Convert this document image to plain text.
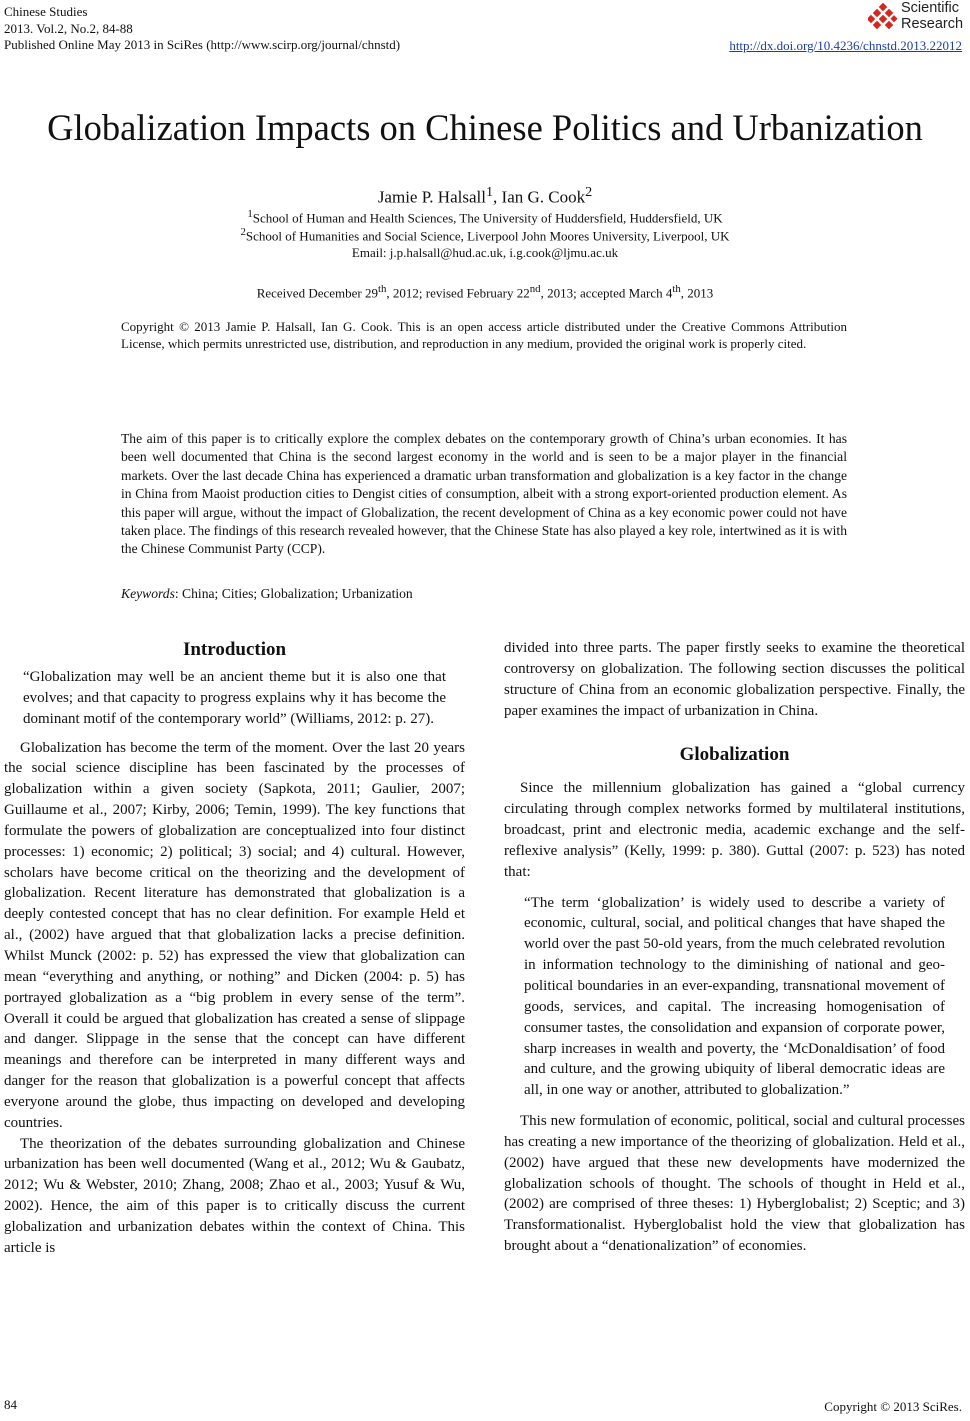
Chinese Studies
2013. Vol.2, No.2, 84-88
Published Online May 2013 in SciRes (http://www.scirp.org/journal/chnstd)
Scientific
Research
http://dx.doi.org/10.4236/chnstd.2013.22012
Globalization Impacts on Chinese Politics and Urbanization
Jamie P. Halsall$^1$, Ian G. Cook$^2$
$^1$School of Human and Health Sciences, The University of Huddersfield, Huddersfield, UK
$^2$School of Humanities and Social Science, Liverpool John Moores University, Liverpool, UK
Email: j.p.halsall@hud.ac.uk, i.g.cook@ljmu.ac.uk
Received December 29th, 2012; revised February 22nd, 2013; accepted March 4th, 2013
Copyright © 2013 Jamie P. Halsall, Ian G. Cook. This is an open access article distributed under the Creative Commons Attribution License, which permits unrestricted use, distribution, and reproduction in any medium, provided the original work is properly cited.
The aim of this paper is to critically explore the complex debates on the contemporary growth of China’s urban economies. It has been well documented that China is the second largest economy in the world and is seen to be a major player in the financial markets. Over the last decade China has experienced a dramatic urban transformation and globalization is a key factor in the change in China from Maoist production cities to Dengist cities of consumption, albeit with a strong export-oriented production element. As this paper will argue, without the impact of Globalization, the recent development of China as a key economic power could not have taken place. The findings of this research revealed however, that the Chinese State has also played a key role, intertwined as it is with the Chinese Communist Party (CCP).
Keywords: China; Cities; Globalization; Urbanization
Introduction
“Globalization may well be an ancient theme but it is also one that evolves; and that capacity to progress explains why it has become the dominant motif of the contemporary world” (Williams, 2012: p. 27).

Globalization has become the term of the moment. Over the last 20 years the social science discipline has been fascinated by the processes of globalization within a given society (Sapkota, 2011; Gaulier, 2007; Guillaume et al., 2007; Kirby, 2006; Temin, 1999). The key functions that formulate the powers of globalization are conceptualized into four distinct processes: 1) economic; 2) political; 3) social; and 4) cultural. However, scholars have become critical on the theorizing and the development of globalization. Recent literature has demonstrated that globalization is a deeply contested concept that has no clear definition. For example Held et al., (2002) have argued that that globalization lacks a precise definition. Whilst Munck (2002: p. 52) has expressed the view that globalization can mean “everything and anything, or nothing” and Dicken (2004: p. 5) has portrayed globalization as a “big problem in every sense of the term”. Overall it could be argued that globalization has created a sense of slippage and danger. Slippage in the sense that the concept can have different meanings and therefore can be interpreted in many different ways and danger for the reason that globalization is a powerful concept that affects everyone around the globe, thus impacting on developed and developing countries.

The theorization of the debates surrounding globalization and Chinese urbanization has been well documented (Wang et al., 2012; Wu & Gaubatz, 2012; Wu & Webster, 2010; Zhang, 2008; Zhao et al., 2003; Yusuf & Wu, 2002). Hence, the aim of this paper is to critically discuss the current globalization and urbanization debates within the context of China. This article is

divided into three parts. The paper firstly seeks to examine the theoretical controversy on globalization. The following section discusses the political structure of China from an economic globalization perspective. Finally, the paper examines the impact of urbanization in China.

Globalization

Since the millennium globalization has gained a “global currency circulating through complex networks formed by multilateral institutions, broadcast, print and electronic media, academic exchange and the self-reflexive analysis” (Kelly, 1999: p. 380). Guttal (2007: p. 523) has noted that:

“The term ‘globalization’ is widely used to describe a variety of economic, cultural, social, and political changes that have shaped the world over the past 50-old years, from the much celebrated revolution in information technology to the diminishing of national and geo-political boundaries in an ever-expanding, transnational movement of goods, services, and capital. The increasing homogenisation of consumer tastes, the consolidation and expansion of corporate power, sharp increases in wealth and poverty, the ‘McDonaldisation’ of food and culture, and the growing ubiquity of liberal democratic ideas are all, in one way or another, attributed to globalization.”

This new formulation of economic, political, social and cultural processes has creating a new importance of the theorizing of globalization. Held et al., (2002) have argued that these new developments have modernized the globalization schools of thought. The schools of thought in Held et al., (2002) are comprised of three theses: 1) Hyberglobalist; 2) Sceptic; and 3) Transformationalist. Hyberglobalist hold the view that globalization has brought about a “denationalization” of economies.

84	Copyright © 2013 SciRes.
